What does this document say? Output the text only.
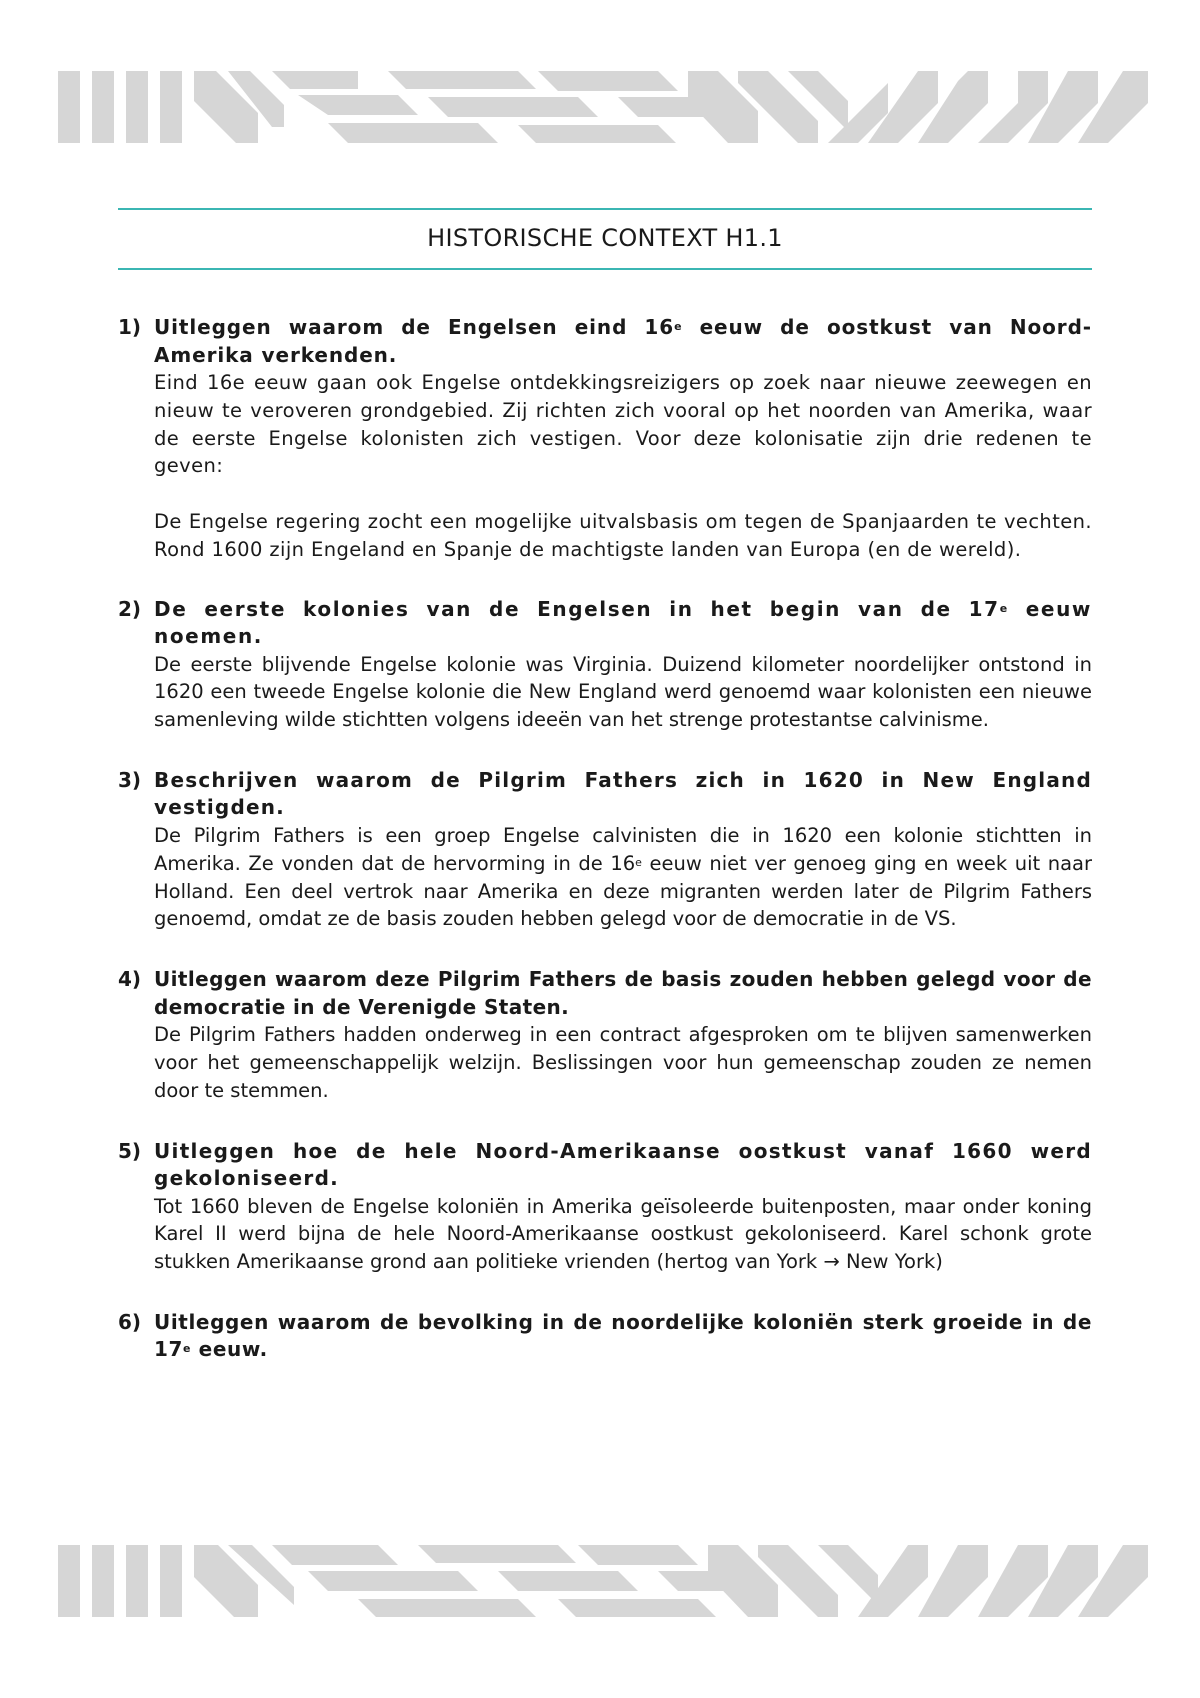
HISTORISCHE CONTEXT H1.1
1) Uitleggen waarom de Engelsen eind 16e eeuw de oostkust van Noord-Amerika verkenden.
Eind 16e eeuw gaan ook Engelse ontdekkingsreizigers op zoek naar nieuwe zeewegen en nieuw te veroveren grondgebied. Zij richten zich vooral op het noorden van Amerika, waar de eerste Engelse kolonisten zich vestigen. Voor deze kolonisatie zijn drie redenen te geven:

De Engelse regering zocht een mogelijke uitvalsbasis om tegen de Spanjaarden te vechten. Rond 1600 zijn Engeland en Spanje de machtigste landen van Europa (en de wereld).
2) De eerste kolonies van de Engelsen in het begin van de 17e eeuw noemen.
De eerste blijvende Engelse kolonie was Virginia. Duizend kilometer noordelijker ontstond in 1620 een tweede Engelse kolonie die New England werd genoemd waar kolonisten een nieuwe samenleving wilde stichtten volgens ideeën van het strenge protestantse calvinisme.
3) Beschrijven waarom de Pilgrim Fathers zich in 1620 in New England vestigden.
De Pilgrim Fathers is een groep Engelse calvinisten die in 1620 een kolonie stichtten in Amerika. Ze vonden dat de hervorming in de 16e eeuw niet ver genoeg ging en week uit naar Holland. Een deel vertrok naar Amerika en deze migranten werden later de Pilgrim Fathers genoemd, omdat ze de basis zouden hebben gelegd voor de democratie in de VS.
4) Uitleggen waarom deze Pilgrim Fathers de basis zouden hebben gelegd voor de democratie in de Verenigde Staten.
De Pilgrim Fathers hadden onderweg in een contract afgesproken om te blijven samenwerken voor het gemeenschappelijk welzijn. Beslissingen voor hun gemeenschap zouden ze nemen door te stemmen.
5) Uitleggen hoe de hele Noord-Amerikaanse oostkust vanaf 1660 werd gekoloniseerd.
Tot 1660 bleven de Engelse koloniën in Amerika geïsoleerde buitenposten, maar onder koning Karel II werd bijna de hele Noord-Amerikaanse oostkust gekoloniseerd. Karel schonk grote stukken Amerikaanse grond aan politieke vrienden (hertog van York → New York)
6) Uitleggen waarom de bevolking in de noordelijke koloniën sterk groeide in de 17e eeuw.
